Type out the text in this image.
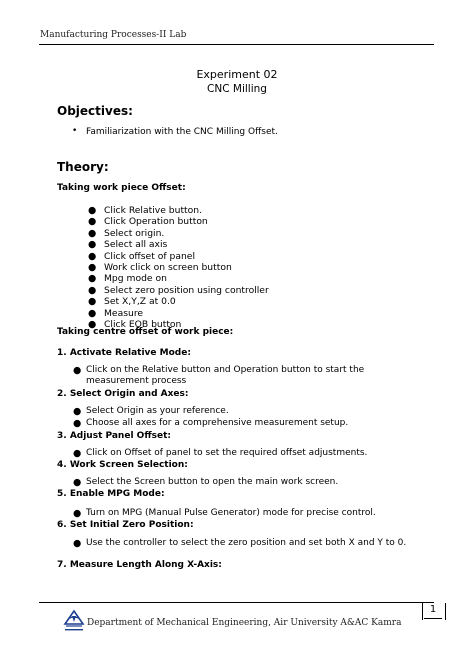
Manufacturing Processes-II Lab
Experiment 02
CNC Milling
Objectives:
• Familiarization with the CNC Milling Offset.
Theory:
Taking work piece Offset:
● Click Relative button.
● Click Operation button
● Select origin.
● Select all axis
● Click offset of panel
● Work click on screen button
● Mpg mode on
● Select zero position using controller
● Set X,Y,Z at 0.0
● Measure
● Click EOB button
Taking centre offset of work piece:
1. Activate Relative Mode:
● Click on the Relative button and Operation button to start the measurement process
2. Select Origin and Axes:
● Select Origin as your reference.
● Choose all axes for a comprehensive measurement setup.
3. Adjust Panel Offset:
● Click on Offset of panel to set the required offset adjustments.
4. Work Screen Selection:
● Select the Screen button to open the main work screen.
5. Enable MPG Mode:
● Turn on MPG (Manual Pulse Generator) mode for precise control.
6. Set Initial Zero Position:
● Use the controller to select the zero position and set both X and Y to 0.
7. Measure Length Along X-Axis:
1
Department of Mechanical Engineering, Air University A&AC Kamra
